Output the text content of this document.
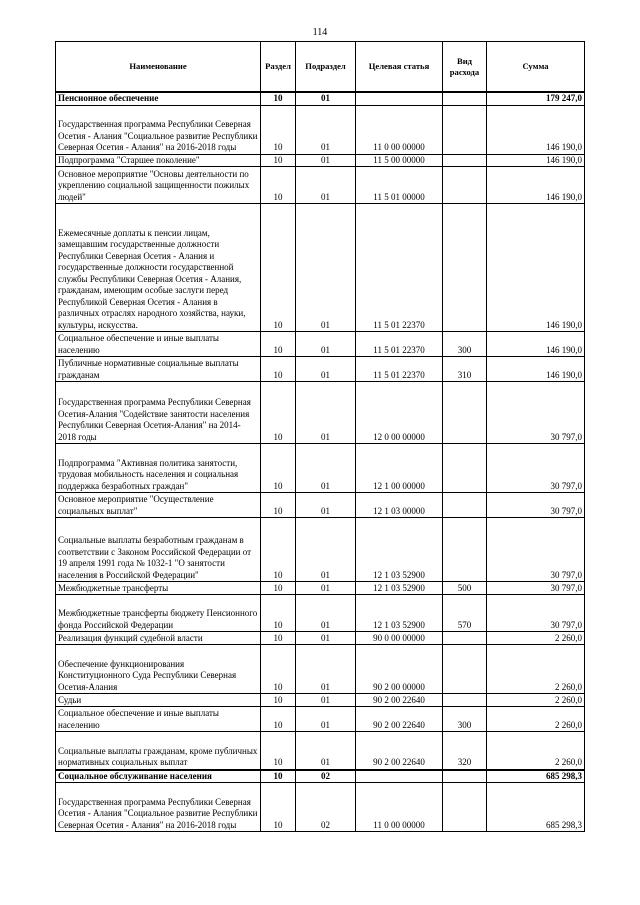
114
Наименование	Раздел	Подраздел	Целевая статья	Вид расхода	Сумма
Пенсионное обеспечение	10	01			179 247,0
Государственная программа Республики Северная Осетия - Алания "Социальное развитие Республики Северная Осетия - Алания" на 2016-2018 годы	10	01	11 0 00 00000		146 190,0
Подпрограмма "Старшее поколение"	10	01	11 5 00 00000		146 190,0
Основное мероприятие "Основы деятельности по укреплению социальной защищенности пожилых людей"	10	01	11 5 01 00000		146 190,0
Ежемесячные доплаты к пенсии лицам, замещавшим государственные должности Республики Северная Осетия - Алания и государственные должности государственной службы Республики Северная Осетия - Алания, гражданам, имеющим особые заслуги перед Республикой Северная Осетия - Алания в различных отраслях народного хозяйства, науки, культуры, искусства.	10	01	11 5 01 22370		146 190,0
Социальное обеспечение и иные выплаты населению	10	01	11 5 01 22370	300	146 190,0
Публичные нормативные социальные выплаты гражданам	10	01	11 5 01 22370	310	146 190,0
Государственная программа Республики Северная Осетия-Алания "Содействие занятости населения Республики Северная Осетия-Алания" на 2014-2018 годы	10	01	12 0 00 00000		30 797,0
Подпрограмма "Активная политика занятости, трудовая мобильность населения и социальная поддержка безработных граждан"	10	01	12 1 00 00000		30 797,0
Основное мероприятие "Осуществление социальных выплат"	10	01	12 1 03 00000		30 797,0
Социальные выплаты безработным гражданам в соответствии с Законом Российской Федерации от 19 апреля 1991 года № 1032-1 "О занятости населения в Российской Федерации"	10	01	12 1 03 52900		30 797,0
Межбюджетные трансферты	10	01	12 1 03 52900	500	30 797,0
Межбюджетные трансферты бюджету Пенсионного фонда Российской Федерации	10	01	12 1 03 52900	570	30 797,0
Реализация функций судебной власти	10	01	90 0 00 00000		2 260,0
Обеспечение функционирования Конституционного Суда Республики Северная Осетия-Алания	10	01	90 2 00 00000		2 260,0
Судьи	10	01	90 2 00 22640		2 260,0
Социальное обеспечение и иные выплаты населению	10	01	90 2 00 22640	300	2 260,0
Социальные выплаты гражданам, кроме публичных нормативных социальных выплат	10	01	90 2 00 22640	320	2 260,0
Социальное обслуживание населения	10	02			685 298,3
Государственная программа Республики Северная Осетия - Алания "Социальное развитие Республики Северная Осетия - Алания" на 2016-2018 годы	10	02	11 0 00 00000		685 298,3
